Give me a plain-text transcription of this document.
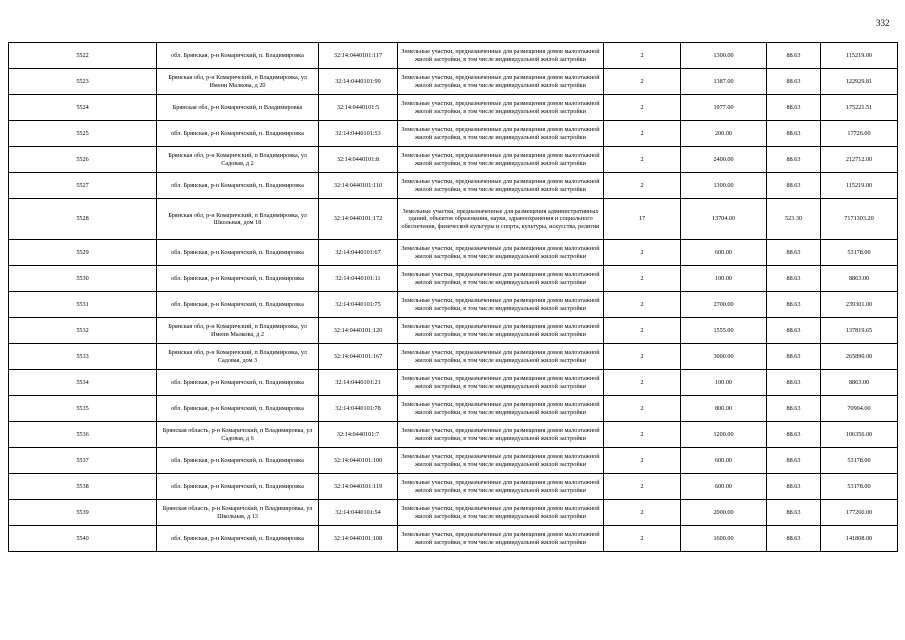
332
5522	обл. Брянская, р-н Комаричский, п. Владимировка	32:14:0440101:117	Земельные участки, предназначенные для размещения домов малоэтажной жилой застройки, в том числе индивидуальной жилой застройки	2	1300.00	88.63	115219.00
5523	Брянская обл, р-н Комаричский, п Владимировка, ул Имени Малкова, д 20	32:14:0440101:99	Земельные участки, предназначенные для размещения домов малоэтажной жилой застройки, в том числе индивидуальной жилой застройки	2	1387.00	88.63	122929.81
5524	Брянская обл, р-н Комаричский, п Владимировка	32:14:0440101:5	Земельные участки, предназначенные для размещения домов малоэтажной жилой застройки, в том числе индивидуальной жилой застройки	2	1977.00	88.63	175221.51
5525	обл. Брянская, р-н Комаричский, п. Владимировка	32:14:0440101:53	Земельные участки, предназначенные для размещения домов малоэтажной жилой застройки, в том числе индивидуальной жилой застройки	2	200.00	88.63	17726.00
5526	Брянская обл, р-н Комаричский, п Владимировка, ул Садовая, д 2	32:14:0440101:8	Земельные участки, предназначенные для размещения домов малоэтажной жилой застройки, в том числе индивидуальной жилой застройки	2	2400.00	88.63	212712.00
5527	обл. Брянская, р-н Комаричский, п. Владимировка	32:14:0440101:110	Земельные участки, предназначенные для размещения домов малоэтажной жилой застройки, в том числе индивидуальной жилой застройки	2	1300.00	88.63	115219.00
5528	Брянская обл, р-н Комаричский, п Владимировка, ул Школьная, дом 18	32:14:0440101:172	Земельные участки, предназначенные для размещения административных зданий, объектов образования, науки, здравоохранения и социального обеспечения, физической культуры и спорта, культуры, искусства, религии	17	13704.00	523.30	7171303.20
5529	обл. Брянская, р-н Комаричский, п. Владимировка	32:14:0440101:67	Земельные участки, предназначенные для размещения домов малоэтажной жилой застройки, в том числе индивидуальной жилой застройки	2	600.00	88.63	53178.00
5530	обл. Брянская, р-н Комаричский, п. Владимировка	32:14:0440101:11	Земельные участки, предназначенные для размещения домов малоэтажной жилой застройки, в том числе индивидуальной жилой застройки	2	100.00	88.63	8863.00
5531	обл. Брянская, р-н Комаричский, п. Владимировка	32:14:0440101:75	Земельные участки, предназначенные для размещения домов малоэтажной жилой застройки, в том числе индивидуальной жилой застройки	2	2700.00	88.63	239301.00
5532	Брянская обл, р-н Комаричский, п Владимировка, ул Имени Малкова, д 2	32:14:0440101:120	Земельные участки, предназначенные для размещения домов малоэтажной жилой застройки, в том числе индивидуальной жилой застройки	2	1555.00	88.63	137819.65
5533	Брянская обл, р-н Комаричский, п Владимировка, ул Садовая, дом 3	32:14:0440101:167	Земельные участки, предназначенные для размещения домов малоэтажной жилой застройки, в том числе индивидуальной жилой застройки	2	3000.00	88.63	265890.00
5534	обл. Брянская, р-н Комаричский, п. Владимировка	32:14:0440101:21	Земельные участки, предназначенные для размещения домов малоэтажной жилой застройки, в том числе индивидуальной жилой застройки	2	100.00	88.63	8863.00
5535	обл. Брянская, р-н Комаричский, п. Владимировка	32:14:0440101:78	Земельные участки, предназначенные для размещения домов малоэтажной жилой застройки, в том числе индивидуальной жилой застройки	2	800.00	88.63	70904.00
5536	Брянская область, р-н Комаричский, п Владимировка, ул Садовая, д 6	32:14:0440101:7	Земельные участки, предназначенные для размещения домов малоэтажной жилой застройки, в том числе индивидуальной жилой застройки	2	1200.00	88.63	106356.00
5537	обл. Брянская, р-н Комаричский, п. Владимировка	32:14:0440101:100	Земельные участки, предназначенные для размещения домов малоэтажной жилой застройки, в том числе индивидуальной жилой застройки	2	600.00	88.63	53178.00
5538	обл. Брянская, р-н Комаричский, п. Владимировка	32:14:0440101:119	Земельные участки, предназначенные для размещения домов малоэтажной жилой застройки, в том числе индивидуальной жилой застройки	2	600.00	88.63	53178.00
5539	Брянская область, р-н Комаричский, п Владимировка, ул Школьная, д 13	32:14:0440101:54	Земельные участки, предназначенные для размещения домов малоэтажной жилой застройки, в том числе индивидуальной жилой застройки	2	2000.00	88.63	177260.00
5540	обл. Брянская, р-н Комаричский, п. Владимировка	32:14:0440101:108	Земельные участки, предназначенные для размещения домов малоэтажной жилой застройки, в том числе индивидуальной жилой застройки	2	1600.00	88.63	141808.00
